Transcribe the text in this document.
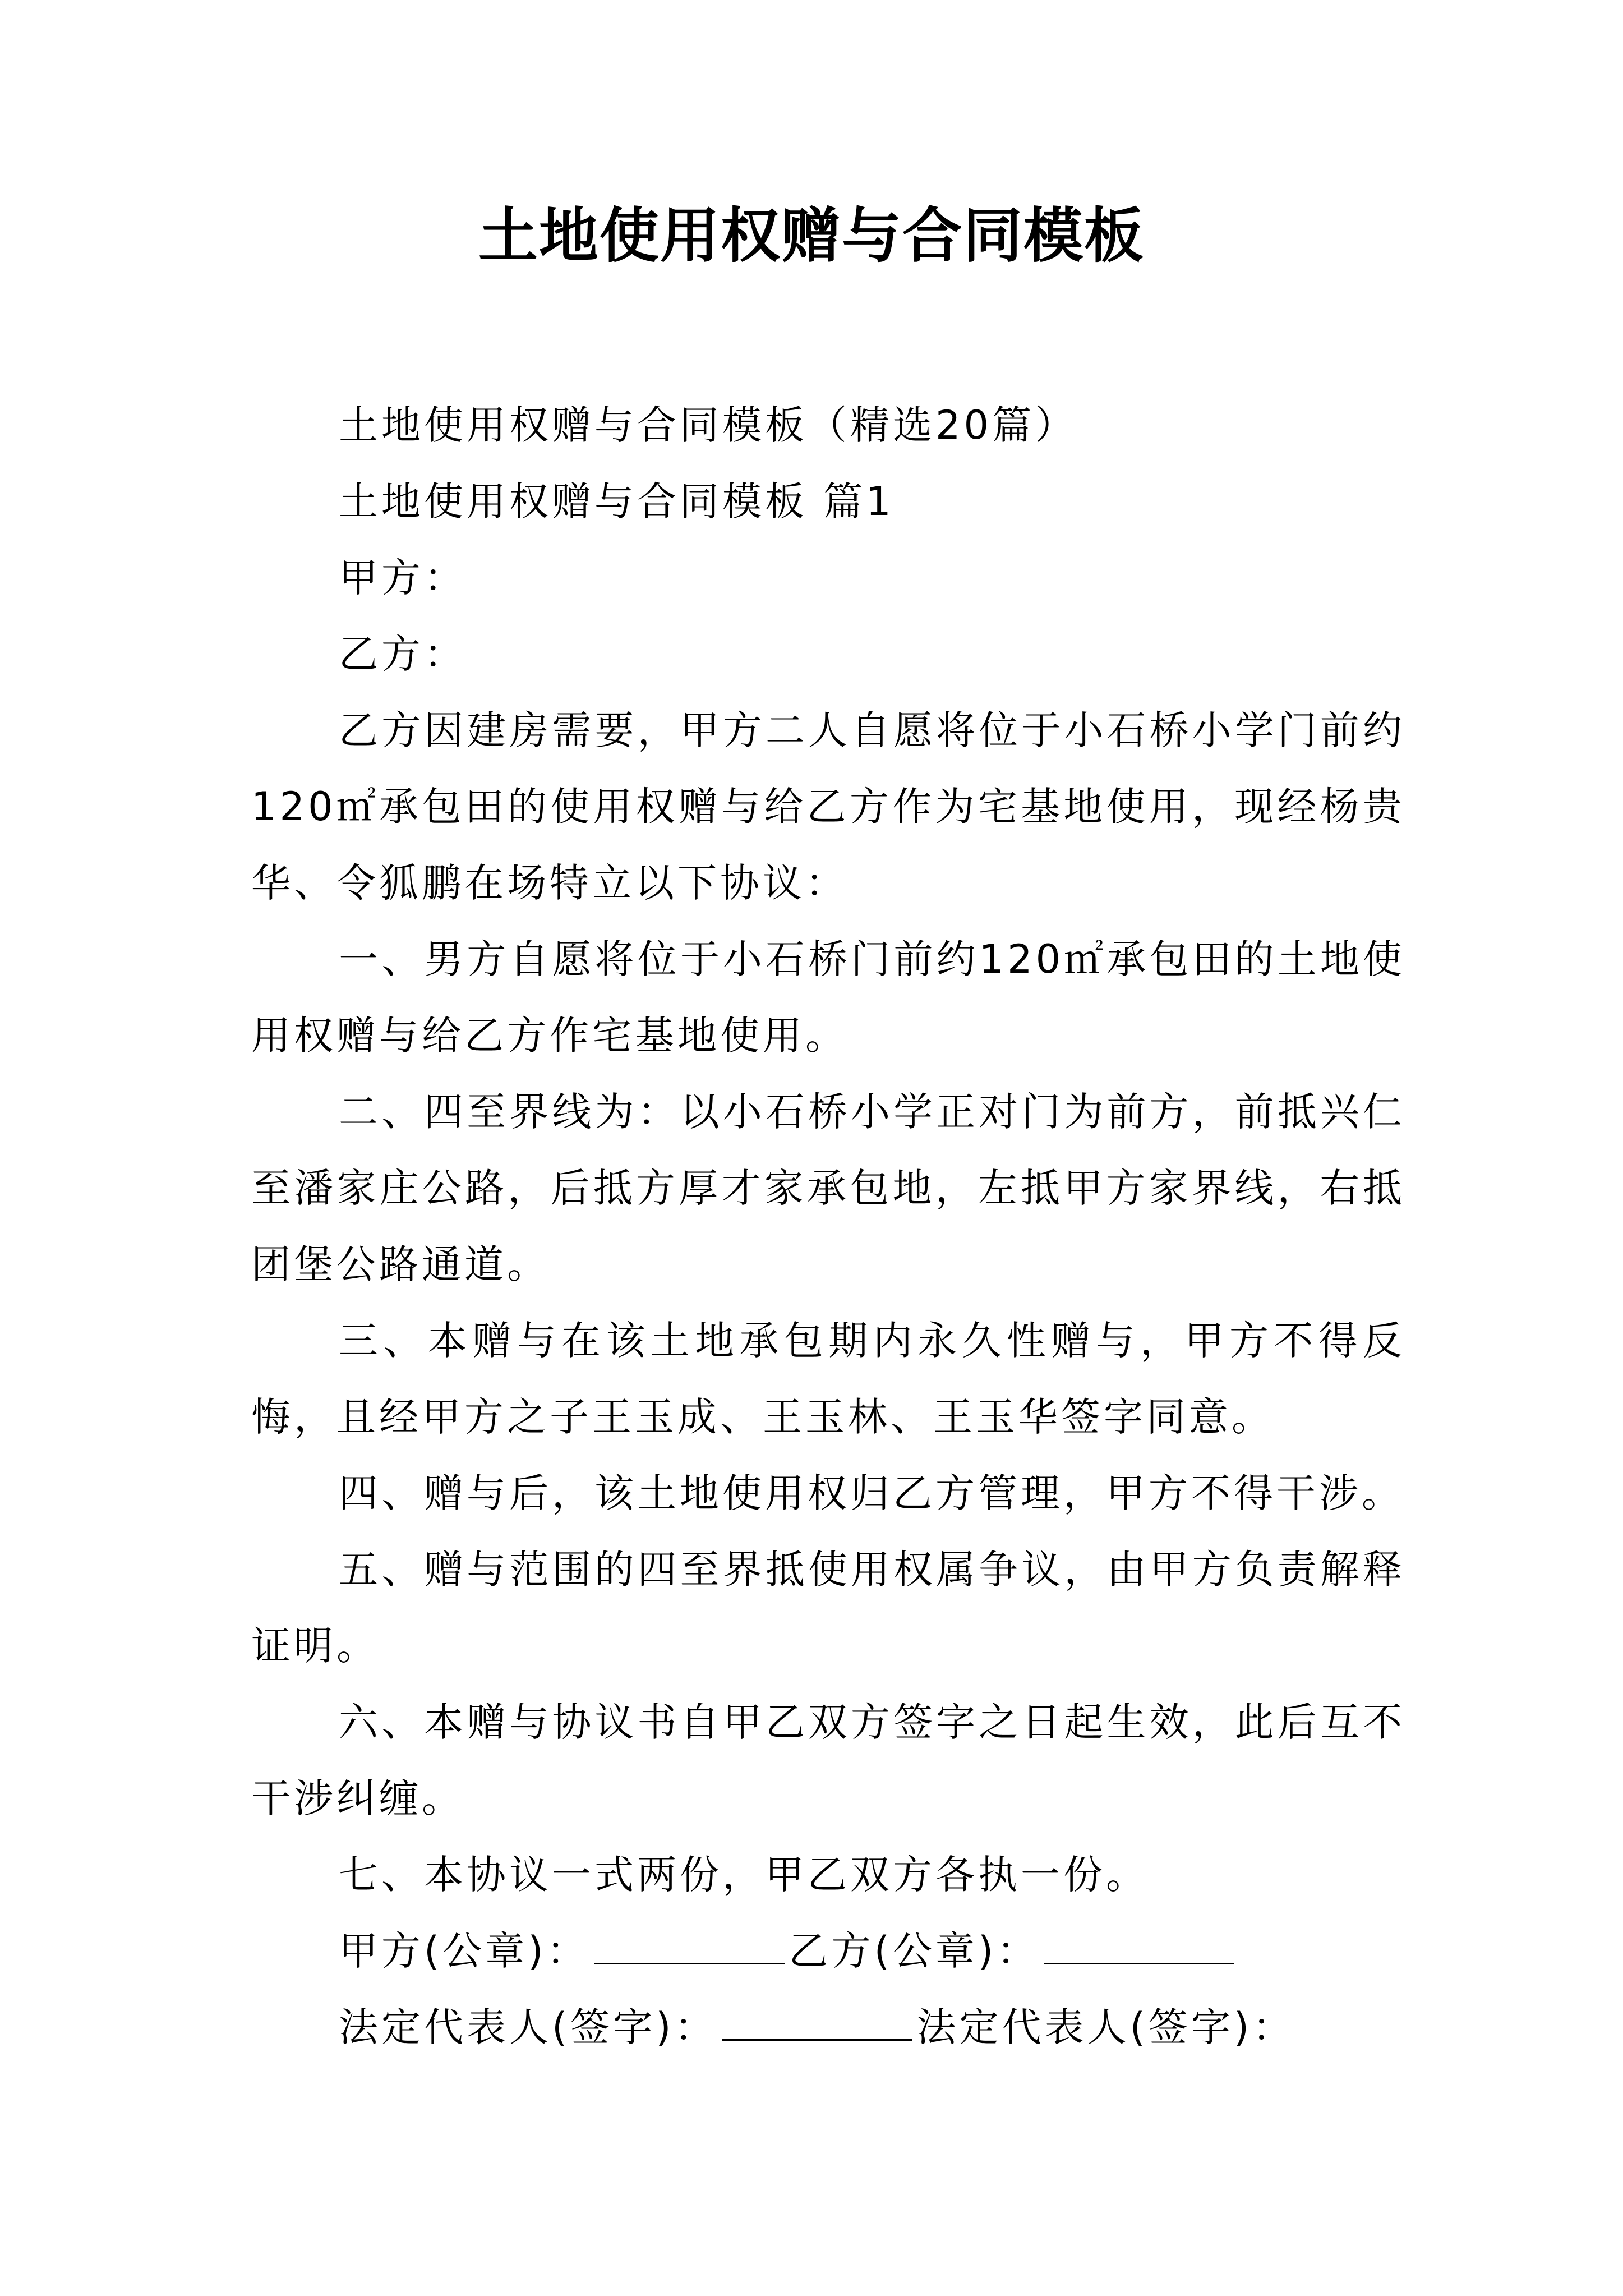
土地使用权赠与合同模板

土地使用权赠与合同模板（精选20篇）

土地使用权赠与合同模板 篇1

甲方：

乙方：

乙方因建房需要，甲方二人自愿将位于小石桥小学门前约120㎡承包田的使用权赠与给乙方作为宅基地使用，现经杨贵华、令狐鹏在场特立以下协议：

一、男方自愿将位于小石桥门前约120㎡承包田的土地使用权赠与给乙方作宅基地使用。

二、四至界线为：以小石桥小学正对门为前方，前抵兴仁至潘家庄公路，后抵方厚才家承包地，左抵甲方家界线，右抵团堡公路通道。

三、本赠与在该土地承包期内永久性赠与，甲方不得反悔，且经甲方之子王玉成、王玉林、王玉华签字同意。

四、赠与后，该土地使用权归乙方管理，甲方不得干涉。

五、赠与范围的四至界抵使用权属争议，由甲方负责解释证明。

六、本赠与协议书自甲乙双方签字之日起生效，此后互不干涉纠缠。

七、本协议一式两份，甲乙双方各执一份。

甲方(公章)：	乙方(公章)：

法定代表人(签字)：	法定代表人(签字)：
